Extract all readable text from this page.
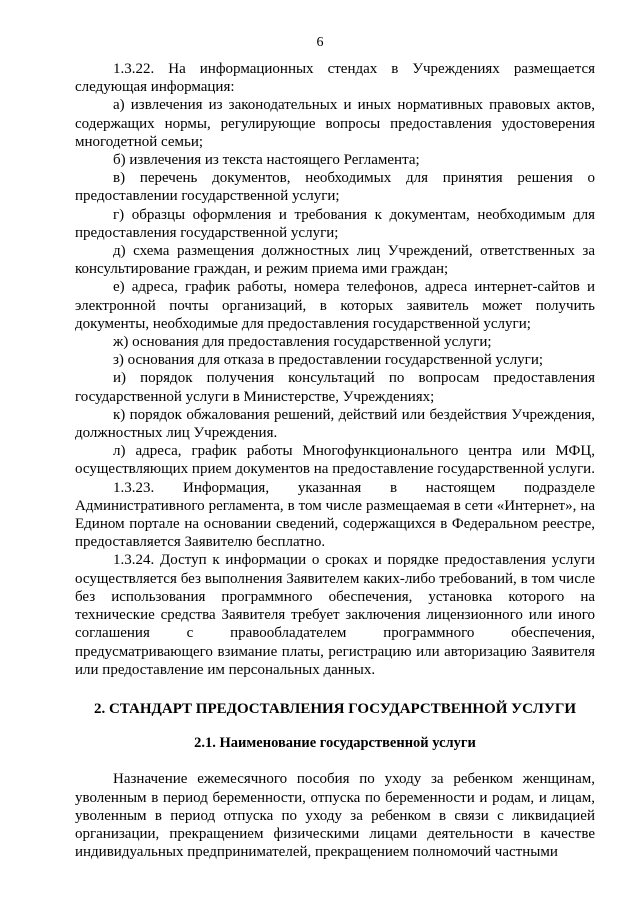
6

1.3.22. На информационных стендах в Учреждениях размещается следующая информация:

а) извлечения из законодательных и иных нормативных правовых актов, содержащих нормы, регулирующие вопросы предоставления удостоверения многодетной семьи;

б) извлечения из текста настоящего Регламента;

в) перечень документов, необходимых для принятия решения о предоставлении государственной услуги;

г) образцы оформления и требования к документам, необходимым для предоставления государственной услуги;

д) схема размещения должностных лиц Учреждений, ответственных за консультирование граждан, и режим приема ими граждан;

е) адреса, график работы, номера телефонов, адреса интернет-сайтов и электронной почты организаций, в которых заявитель может получить документы, необходимые для предоставления государственной услуги;

ж) основания для предоставления государственной услуги;

з) основания для отказа в предоставлении государственной услуги;

и) порядок получения консультаций по вопросам предоставления государственной услуги в Министерстве, Учреждениях;

к) порядок обжалования решений, действий или бездействия Учреждения, должностных лиц Учреждения.

л) адреса, график работы Многофункционального центра или МФЦ, осуществляющих прием документов на предоставление государственной услуги.

1.3.23. Информация, указанная в настоящем подразделе Административного регламента, в том числе размещаемая в сети «Интернет», на Едином портале на основании сведений, содержащихся в Федеральном реестре, предоставляется Заявителю бесплатно.

1.3.24. Доступ к информации о сроках и порядке предоставления услуги осуществляется без выполнения Заявителем каких-либо требований, в том числе без использования программного обеспечения, установка которого на технические средства Заявителя требует заключения лицензионного или иного соглашения с правообладателем программного обеспечения, предусматривающего взимание платы, регистрацию или авторизацию Заявителя или предоставление им персональных данных.

2. СТАНДАРТ ПРЕДОСТАВЛЕНИЯ ГОСУДАРСТВЕННОЙ УСЛУГИ
2.1. Наименование государственной услуги

Назначение ежемесячного пособия по уходу за ребенком женщинам, уволенным в период беременности, отпуска по беременности и родам, и лицам, уволенным в период отпуска по уходу за ребенком в связи с ликвидацией организации, прекращением физическими лицами деятельности в качестве индивидуальных предпринимателей, прекращением полномочий частными
